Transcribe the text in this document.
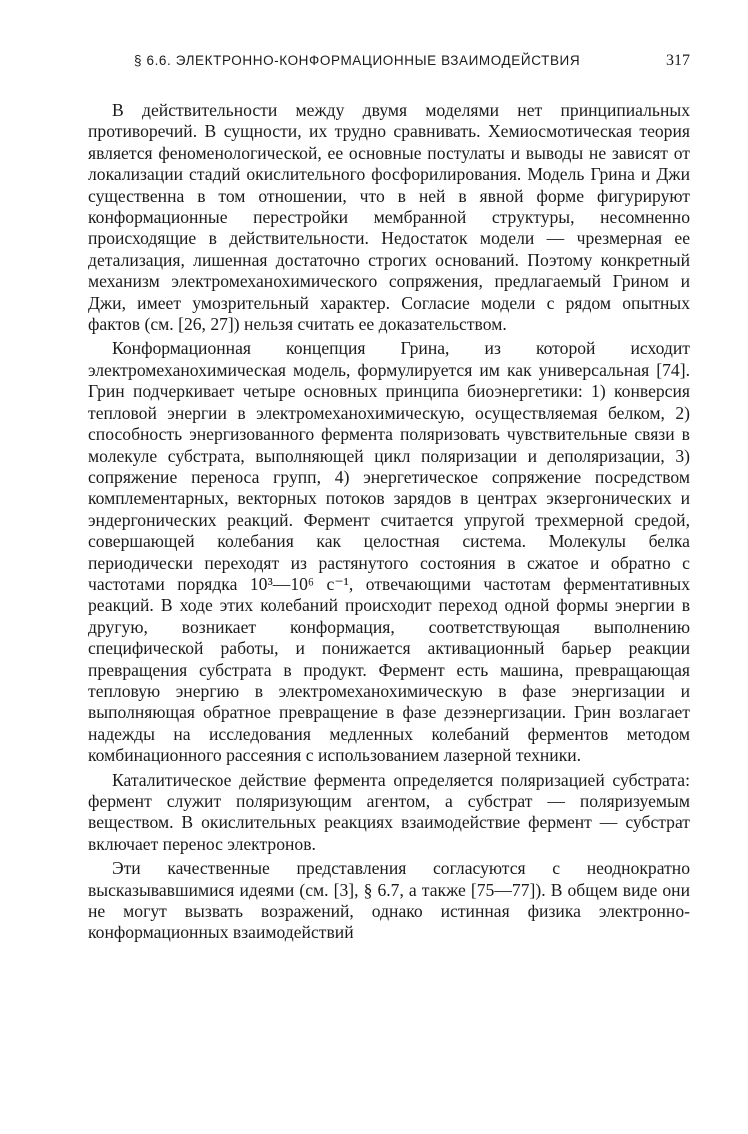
§ 6.6. ЭЛЕКТРОННО-КОНФОРМАЦИОННЫЕ ВЗАИМОДЕЙСТВИЯ	317

В действительности между двумя моделями нет принципиальных противоречий. В сущности, их трудно сравнивать. Хемиосмотическая теория является феноменологической, ее основные постулаты и выводы не зависят от локализации стадий окислительного фосфорилирования. Модель Грина и Джи существенна в том отношении, что в ней в явной форме фигурируют конформационные перестройки мембранной структуры, несомненно происходящие в действительности. Недостаток модели — чрезмерная ее детализация, лишенная достаточно строгих оснований. Поэтому конкретный механизм электромеханохимического сопряжения, предлагаемый Грином и Джи, имеет умозрительный характер. Согласие модели с рядом опытных фактов (см. [26, 27]) нельзя считать ее доказательством.

Конформационная концепция Грина, из которой исходит электромеханохимическая модель, формулируется им как универсальная [74]. Грин подчеркивает четыре основных принципа биоэнергетики: 1) конверсия тепловой энергии в электромеханохимическую, осуществляемая белком, 2) способность энергизованного фермента поляризовать чувствительные связи в молекуле субстрата, выполняющей цикл поляризации и деполяризации, 3) сопряжение переноса групп, 4) энергетическое сопряжение посредством комплементарных, векторных потоков зарядов в центрах экзергонических и эндергонических реакций. Фермент считается упругой трехмерной средой, совершающей колебания как целостная система. Молекулы белка периодически переходят из растянутого состояния в сжатое и обратно с частотами порядка 10³—10⁶ с⁻¹, отвечающими частотам ферментативных реакций. В ходе этих колебаний происходит переход одной формы энергии в другую, возникает конформация, соответствующая выполнению специфической работы, и понижается активационный барьер реакции превращения субстрата в продукт. Фермент есть машина, превращающая тепловую энергию в электромеханохимическую в фазе энергизации и выполняющая обратное превращение в фазе дезэнергизации. Грин возлагает надежды на исследования медленных колебаний ферментов методом комбинационного рассеяния с использованием лазерной техники.

Каталитическое действие фермента определяется поляризацией субстрата: фермент служит поляризующим агентом, а субстрат — поляризуемым веществом. В окислительных реакциях взаимодействие фермент — субстрат включает перенос электронов.

Эти качественные представления согласуются с неоднократно высказывавшимися идеями (см. [3], § 6.7, а также [75—77]). В общем виде они не могут вызвать возражений, однако истинная физика электронно-конформационных взаимодействий
